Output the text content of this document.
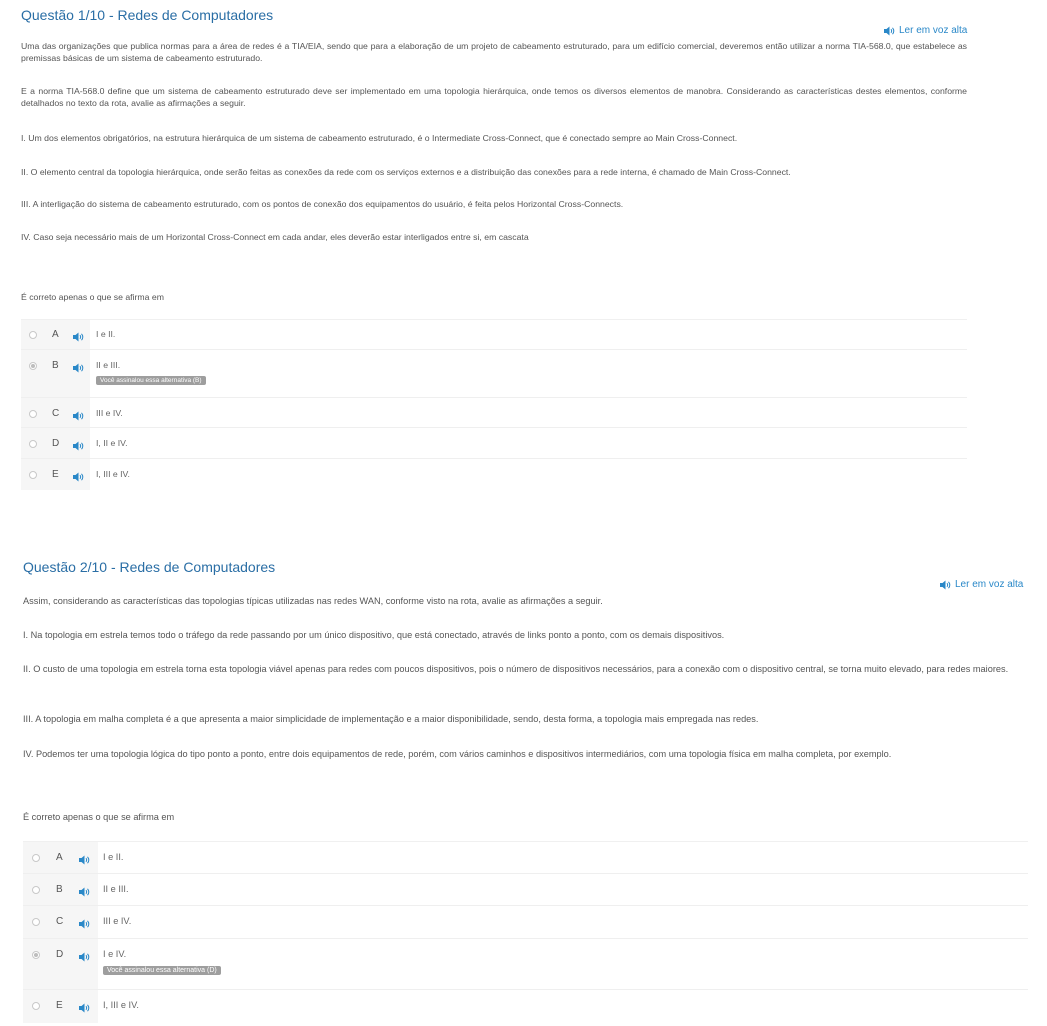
Questão 1/10 - Redes de Computadores
Ler em voz alta

Uma das organizações que publica normas para a área de redes é a TIA/EIA, sendo que para a elaboração de um projeto de cabeamento estruturado, para um edifício comercial, deveremos então utilizar a norma TIA-568.0, que estabelece as premissas básicas de um sistema de cabeamento estruturado.

E a norma TIA-568.0 define que um sistema de cabeamento estruturado deve ser implementado em uma topologia hierárquica, onde temos os diversos elementos de manobra. Considerando as características destes elementos, conforme detalhados no texto da rota, avalie as afirmações a seguir.

I. Um dos elementos obrigatórios, na estrutura hierárquica de um sistema de cabeamento estruturado, é o Intermediate Cross-Connect, que é conectado sempre ao Main Cross-Connect.

II. O elemento central da topologia hierárquica, onde serão feitas as conexões da rede com os serviços externos e a distribuição das conexões para a rede interna, é chamado de Main Cross-Connect.

III. A interligação do sistema de cabeamento estruturado, com os pontos de conexão dos equipamentos do usuário, é feita pelos Horizontal Cross-Connects.

IV. Caso seja necessário mais de um Horizontal Cross-Connect em cada andar, eles deverão estar interligados entre si, em cascata

É correto apenas o que se afirma em
A	I e II.
B	II e III.
Você assinalou essa alternativa (B)
C	III e IV.
D	I, II e IV.
E	I, III e IV.
Questão 2/10 - Redes de Computadores
Ler em voz alta

Assim, considerando as características das topologias típicas utilizadas nas redes WAN, conforme visto na rota, avalie as afirmações a seguir.

I. Na topologia em estrela temos todo o tráfego da rede passando por um único dispositivo, que está conectado, através de links ponto a ponto, com os demais dispositivos.

II. O custo de uma topologia em estrela torna esta topologia viável apenas para redes com poucos dispositivos, pois o número de dispositivos necessários, para a conexão com o dispositivo central, se torna muito elevado, para redes maiores.

III. A topologia em malha completa é a que apresenta a maior simplicidade de implementação e a maior disponibilidade, sendo, desta forma, a topologia mais empregada nas redes.

IV. Podemos ter uma topologia lógica do tipo ponto a ponto, entre dois equipamentos de rede, porém, com vários caminhos e dispositivos intermediários, com uma topologia física em malha completa, por exemplo.

É correto apenas o que se afirma em
A	I e II.
B	II e III.
C	III e IV.
D	I e IV.
Você assinalou essa alternativa (D)
E	I, III e IV.
